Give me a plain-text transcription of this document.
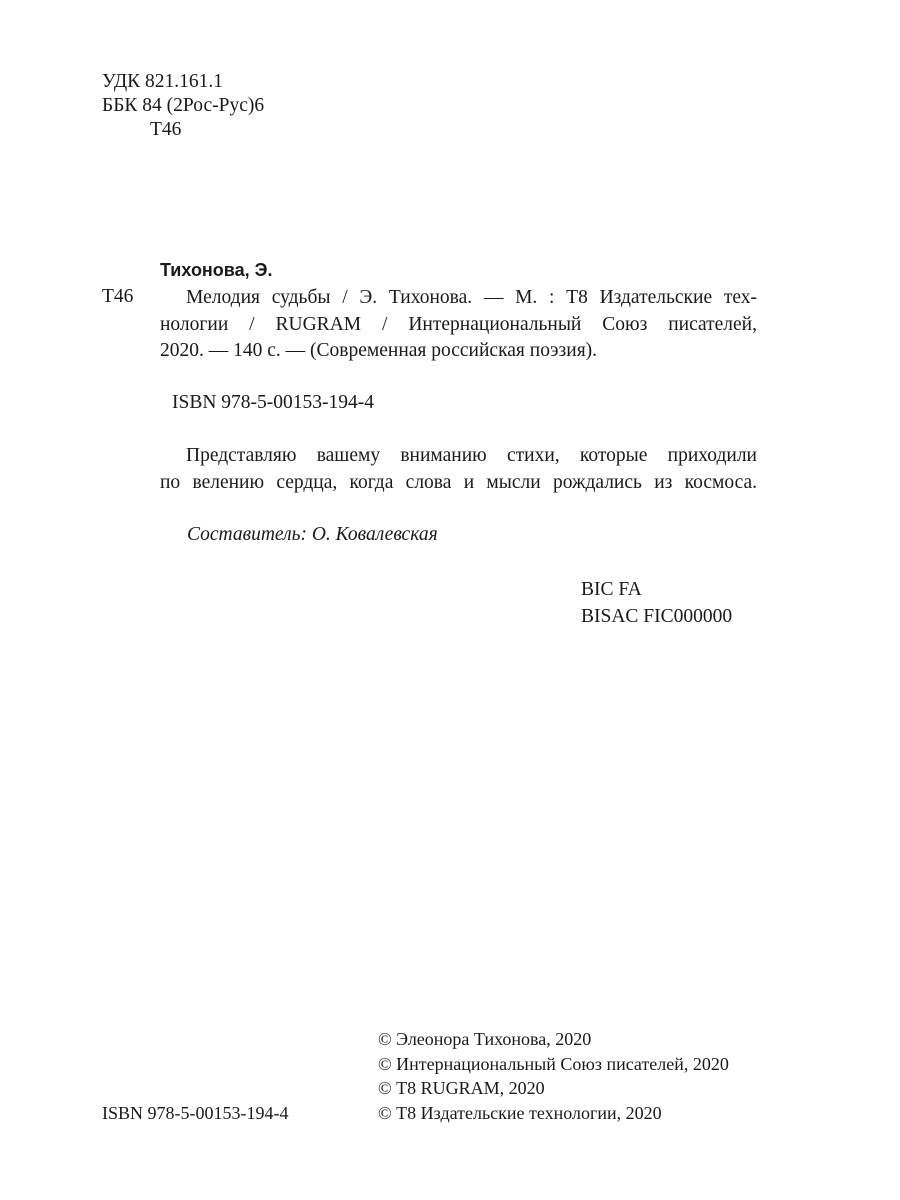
УДК 821.161.1
ББК 84 (2Рос-Рус)6
Т46
Тихонова, Э.
Т46	Мелодия судьбы / Э. Тихонова. — М. : Т8 Издательские тех-
нологии / RUGRAM / Интернациональный Союз писателей,
2020. — 140 с. — (Современная российская поэзия).
ISBN 978-5-00153-194-4
Представляю вашему вниманию стихи, которые приходили
по велению сердца, когда слова и мысли рождались из космоса.
Составитель: О. Ковалевская
BIC FA
BISAC FIC000000
© Элеонора Тихонова, 2020
© Интернациональный Союз писателей, 2020
© Т8 RUGRAM, 2020
© Т8 Издательские технологии, 2020
ISBN 978-5-00153-194-4
